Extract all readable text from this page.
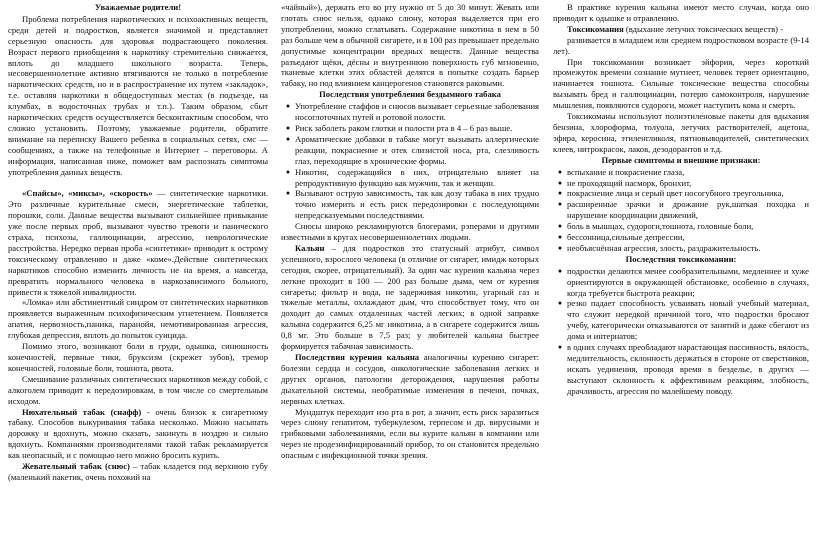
Уважаемые родители!

Проблема потребления наркотических и психоактивных веществ, среди детей и подростков, является значимой и представляет серьезную опасность для здоровья подрастающего поколения. Возраст первого приобщения к наркотику стремительно снижается, вплоть до младшего школьного возраста. Теперь, несовершеннолетние активно втягиваются не только в потребление наркотических средств, но и в распространение их путем «закладок», т.е. оставляя наркотики в общедоступных местах (в подъезде, на клумбах, в водосточных трубах и т.п.). Таким образом, сбыт наркотических средств осуществляется бесконтактным способом, что сложно установить. Поэтому, уважаемые родители, обратите внимание на переписку Вашего ребенка в социальных сетях, смс — сообщениях, а также на телефонные и Интернет – переговоры. А информация, написанная ниже, поможет вам распознать симптомы употребления данных веществ.

«Спайсы», «миксы», «скорость» — синтетические наркотики. Это различные курительные смеси, энергетические таблетки, порошки, соли. Данные вещества вызывают сильнейшее привыкание уже после первых проб, вызывают чувство тревоги и панического страха, психозы, галлюцинации, агрессию, неврологические расстройства. Нередко первая проба «синтетики» приводит к острому токсическому отравлению и даже «коме».Действие синтетических наркотиков способно изменить личность не на время, а навсегда, превратить нормального человека в наркозависимого больного, привести к тяжелой инвалидности.

«Ломка» или абстинентный синдром от синтетических наркотиков проявляется выраженным психофизическим угнетением. Появляется апатия, нервозность,паника, паранойя, немотивированная агрессия, глубокая депрессия, вплоть до попыток суицида.

Помимо этого, возникают боли в груди, одышка, синюшность конечностей, первные тики, бруксизм (скрежет зубов), тремор конечностей, головные боли, тошнота, рвота.

Смешивание различных синтетических наркотиков между собой, с алкоголем приводит к передозировкам, в том числе со смертельным исходом.

Нюхательный табак (снафф) - очень близок к сигаретному табаку. Способов выкуривания табака несколько. Можно насыпать дорожку и вдохнуть, можно сказать, закинуть в ноздрю и сильно вдохнуть. Компаниями производителями такой табак рекламируется как неопасный, и с помощью него можно бросить курить.

Жевательный табак (снюс) – табак кладется под верхнюю губу (маленький пакетик, очень похожий на

«чайный»), держать его во рту нужно от 5 до 30 минут. Жевать или глотать снюс нельзя, однако слюну, которая выделяется при его употреблении, можно сглатывать. Содержание никотина в нем в 50 раз больше чем в обычной сигарете, и в 100 раз превышает предельно допустимые концентрации вредных веществ. Данные вещества разъедают щёки, дёсны и внутреннюю поверхность губ мгновенно, тканевые клетки этих областей делятся в попытке создать барьер табаку, но под влиянием канцерогенов становятся раковыми.

Последствия употребления бездымного табака
● Употребление стаффов и снюсов вызывает серьезные заболевания носоглоточных путей и ротовой полости.
● Риск заболеть раком глотки и полости рта в 4 – 6 раз выше.
● Ароматические добавки в табаке могут вызывать аллергические реакции, покраснение и отек слизистой носа, рта, слезливость глаз, переходящие в хронические формы.
● Никотин, содержащийся в них, отрицательно влияет на репродуктивную функцию как мужчин, так и женщин.
● Вызывают острую зависимость, так как дозу табака в них трудно точно измерить и есть риск передозировки с последующими непредсказуемыми последствиями.

Снюсы широко рекламируются блогерами, рэперами и другими известными в кругах несовершеннолетних людьми.

Кальян – для подростков это статусный атрибут, символ успешного, взрослого человека (в отличие от сигарет, имидж которых сегодня, скорее, отрицательный). За один час курения кальяна через легкие проходит в 100 — 200 раз больше дыма, чем от курения сигареты; фильтр и вода, не задерживая никотин, угарный газ и тяжелые металлы, охлаждают дым, что способствует тому, что он доходит до самых отдаленных частей легких; в одной заправке кальяна содержится 6,25 мг никотина, а в сигарете содержится лишь 0,8 мг. Это больше в 7,5 раз; у любителей кальяна быстрее формируется табачная зависимость.

Последствия курения кальяна аналогичны курению сигарет: болезни сердца и сосудов, онкологические заболевания легких и других органов, патологии деторождения, нарушения работы дыхательной системы, необратимые изменения в печени, почках, нервных клетках.

Мундштук переходит изо рта в рот, а значит, есть риск заразиться через слюну гепатитом, туберкулезом, герпесом и др. вирусными и грибковыми заболеваниями, если вы курите кальян в компании или через не продезинфицированный прибор, то он становится предельно опасным с инфекционной точки зрения.

В практике курения кальяна имеют место случаи, когда оно приводит к одышке и отравлению.

Токсикомания (вдыхание летучих токсических веществ) -

развивается в младшем или среднем подростковом возрасте (9-14 лет).

При токсикомании возникает эйфория, через короткий промежуток времени сознание мутнеет, человек теряет ориентацию, начинается тошнота. Сильные токсические вещества способны вызывать бред и галлюцинации, потерю самоконтроля, нарушение мышления, появляются судороги, может наступить кома и смерть.

Токсикоманы используют полиэтиленовые пакеты для вдыхания бензина, хлороформа, толуола, летучих растворителей, ацетона, эфира, керосина, этиленгликоля, пятновыводителей, синтетических клеев, нитрокрасок, лаков, дезодорантов и т.д.

Первые симптомы и внешние признаки:
● вспыхание и покраснение глаза,
● не проходящий насморк, бронхит,
● покраснение лица и серый цвет носогубного треугольника,
● расширенные зрачки и дрожание рук,шаткая походка и нарушение координации движений,
● боль в мышцах, судороги,тошнота, головные боли,
● бессонница,сильные депрессии,
● необъяснённая агрессия, злость, раздражительность.
Последствия токсикомании:
● подростки делаются менее сообразительными, медленнее и хуже ориентируются в окружающей обстановке, особенно в случаях, когда требуется быстрота реакции;
● резко падает способность усваивать новый учебный материал, что служит нередкой причиной того, что подростки бросают учебу, категорически отказываются от занятий и даже сбегают из дома и интернатов;
● в одних случаях преобладают нарастающая пассивность, вялость, медлительность, склонность держаться в стороне от сверстников, искать уединения, проводя время в безделье, в других — выступают склонность к аффективным реакциям, злобность, драчливость, агрессия по малейшему поводу.
